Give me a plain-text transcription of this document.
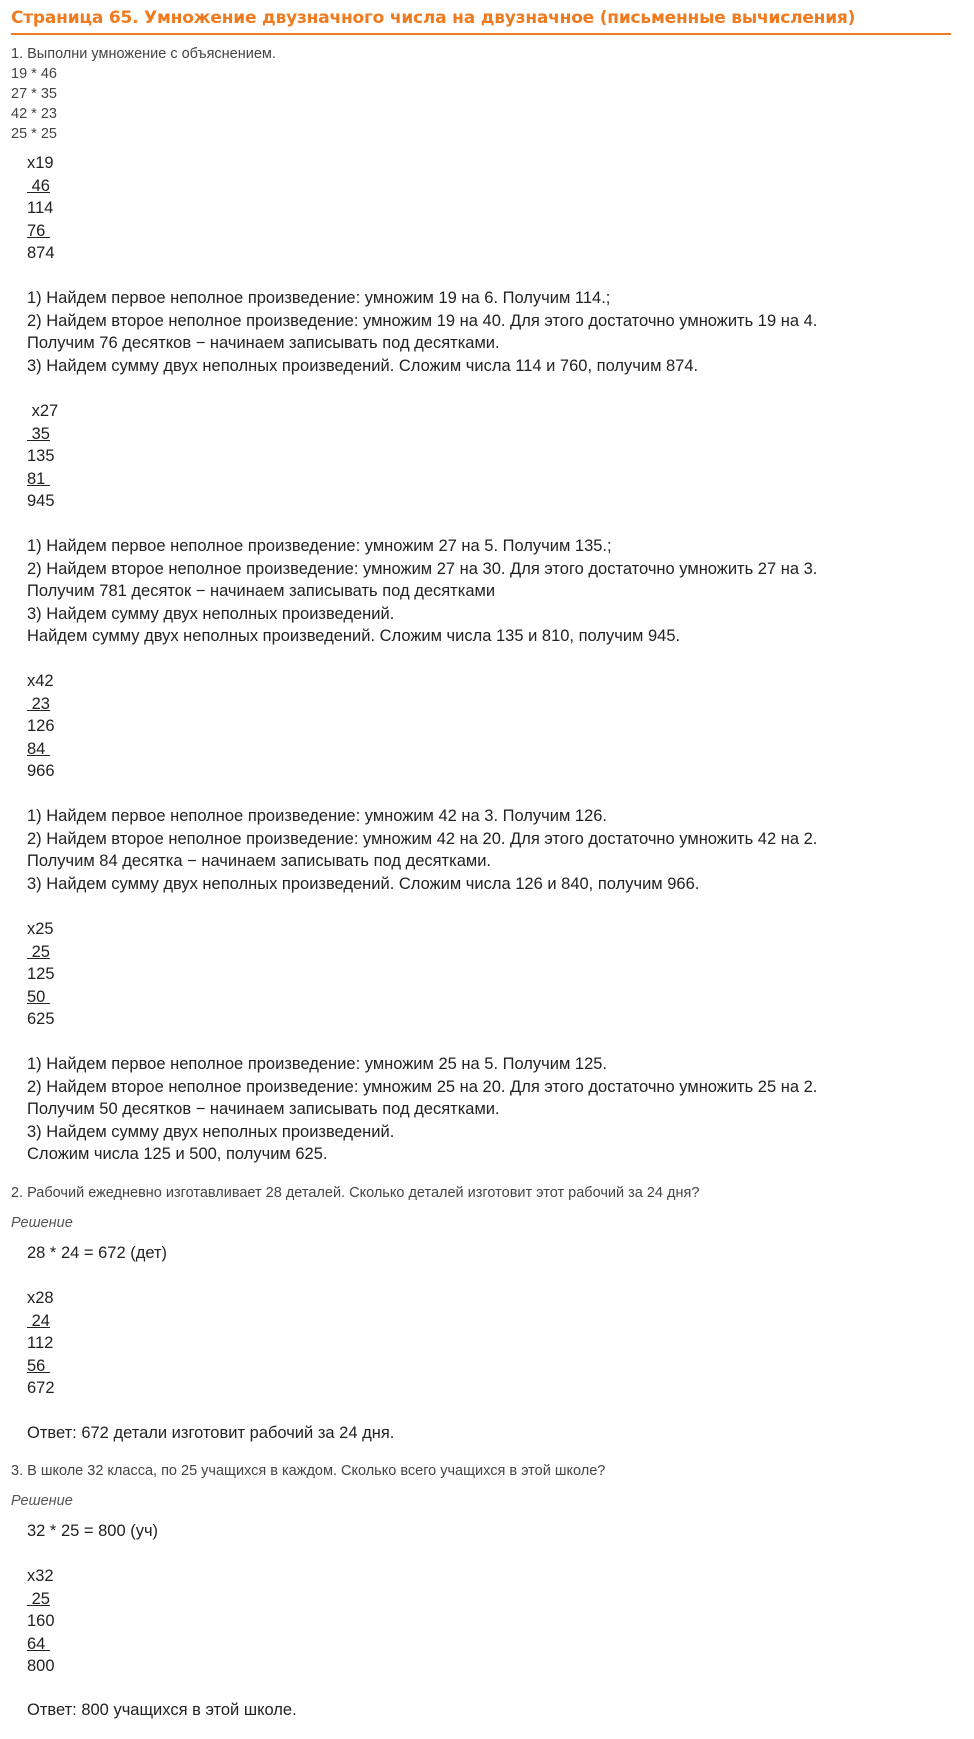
Страница 65. Умножение двузначного числа на двузначное (письменные вычисления)
1. Выполни умножение с объяснением.
19 * 46
27 * 35
42 * 23
25 * 25
x19
46
114
76
874
1) Найдем первое неполное произведение: умножим 19 на 6. Получим 114.;
2) Найдем второе неполное произведение: умножим 19 на 40. Для этого достаточно умножить 19 на 4.
Получим 76 десятков − начинаем записывать под десятками.
3) Найдем сумму двух неполных произведений. Сложим числа 114 и 760, получим 874.
x27
35
135
81
945
1) Найдем первое неполное произведение: умножим 27 на 5. Получим 135.;
2) Найдем второе неполное произведение: умножим 27 на 30. Для этого достаточно умножить 27 на 3.
Получим 781 десяток − начинаем записывать под десятками
3) Найдем сумму двух неполных произведений.
Найдем сумму двух неполных произведений. Сложим числа 135 и 810, получим 945.
x42
23
126
84
966
1) Найдем первое неполное произведение: умножим 42 на 3. Получим 126.
2) Найдем второе неполное произведение: умножим 42 на 20. Для этого достаточно умножить 42 на 2.
Получим 84 десятка − начинаем записывать под десятками.
3) Найдем сумму двух неполных произведений. Сложим числа 126 и 840, получим 966.
x25
25
125
50
625
1) Найдем первое неполное произведение: умножим 25 на 5. Получим 125.
2) Найдем второе неполное произведение: умножим 25 на 20. Для этого достаточно умножить 25 на 2.
Получим 50 десятков − начинаем записывать под десятками.
3) Найдем сумму двух неполных произведений.
Сложим числа 125 и 500, получим 625.
2. Рабочий ежедневно изготавливает 28 деталей. Сколько деталей изготовит этот рабочий за 24 дня?
Решение
28 * 24 = 672 (дет)
x28
24
112
56
672
Ответ: 672 детали изготовит рабочий за 24 дня.
3. В школе 32 класса, по 25 учащихся в каждом. Сколько всего учащихся в этой школе?
Решение
32 * 25 = 800 (уч)
x32
25
160
64
800
Ответ: 800 учащихся в этой школе.
